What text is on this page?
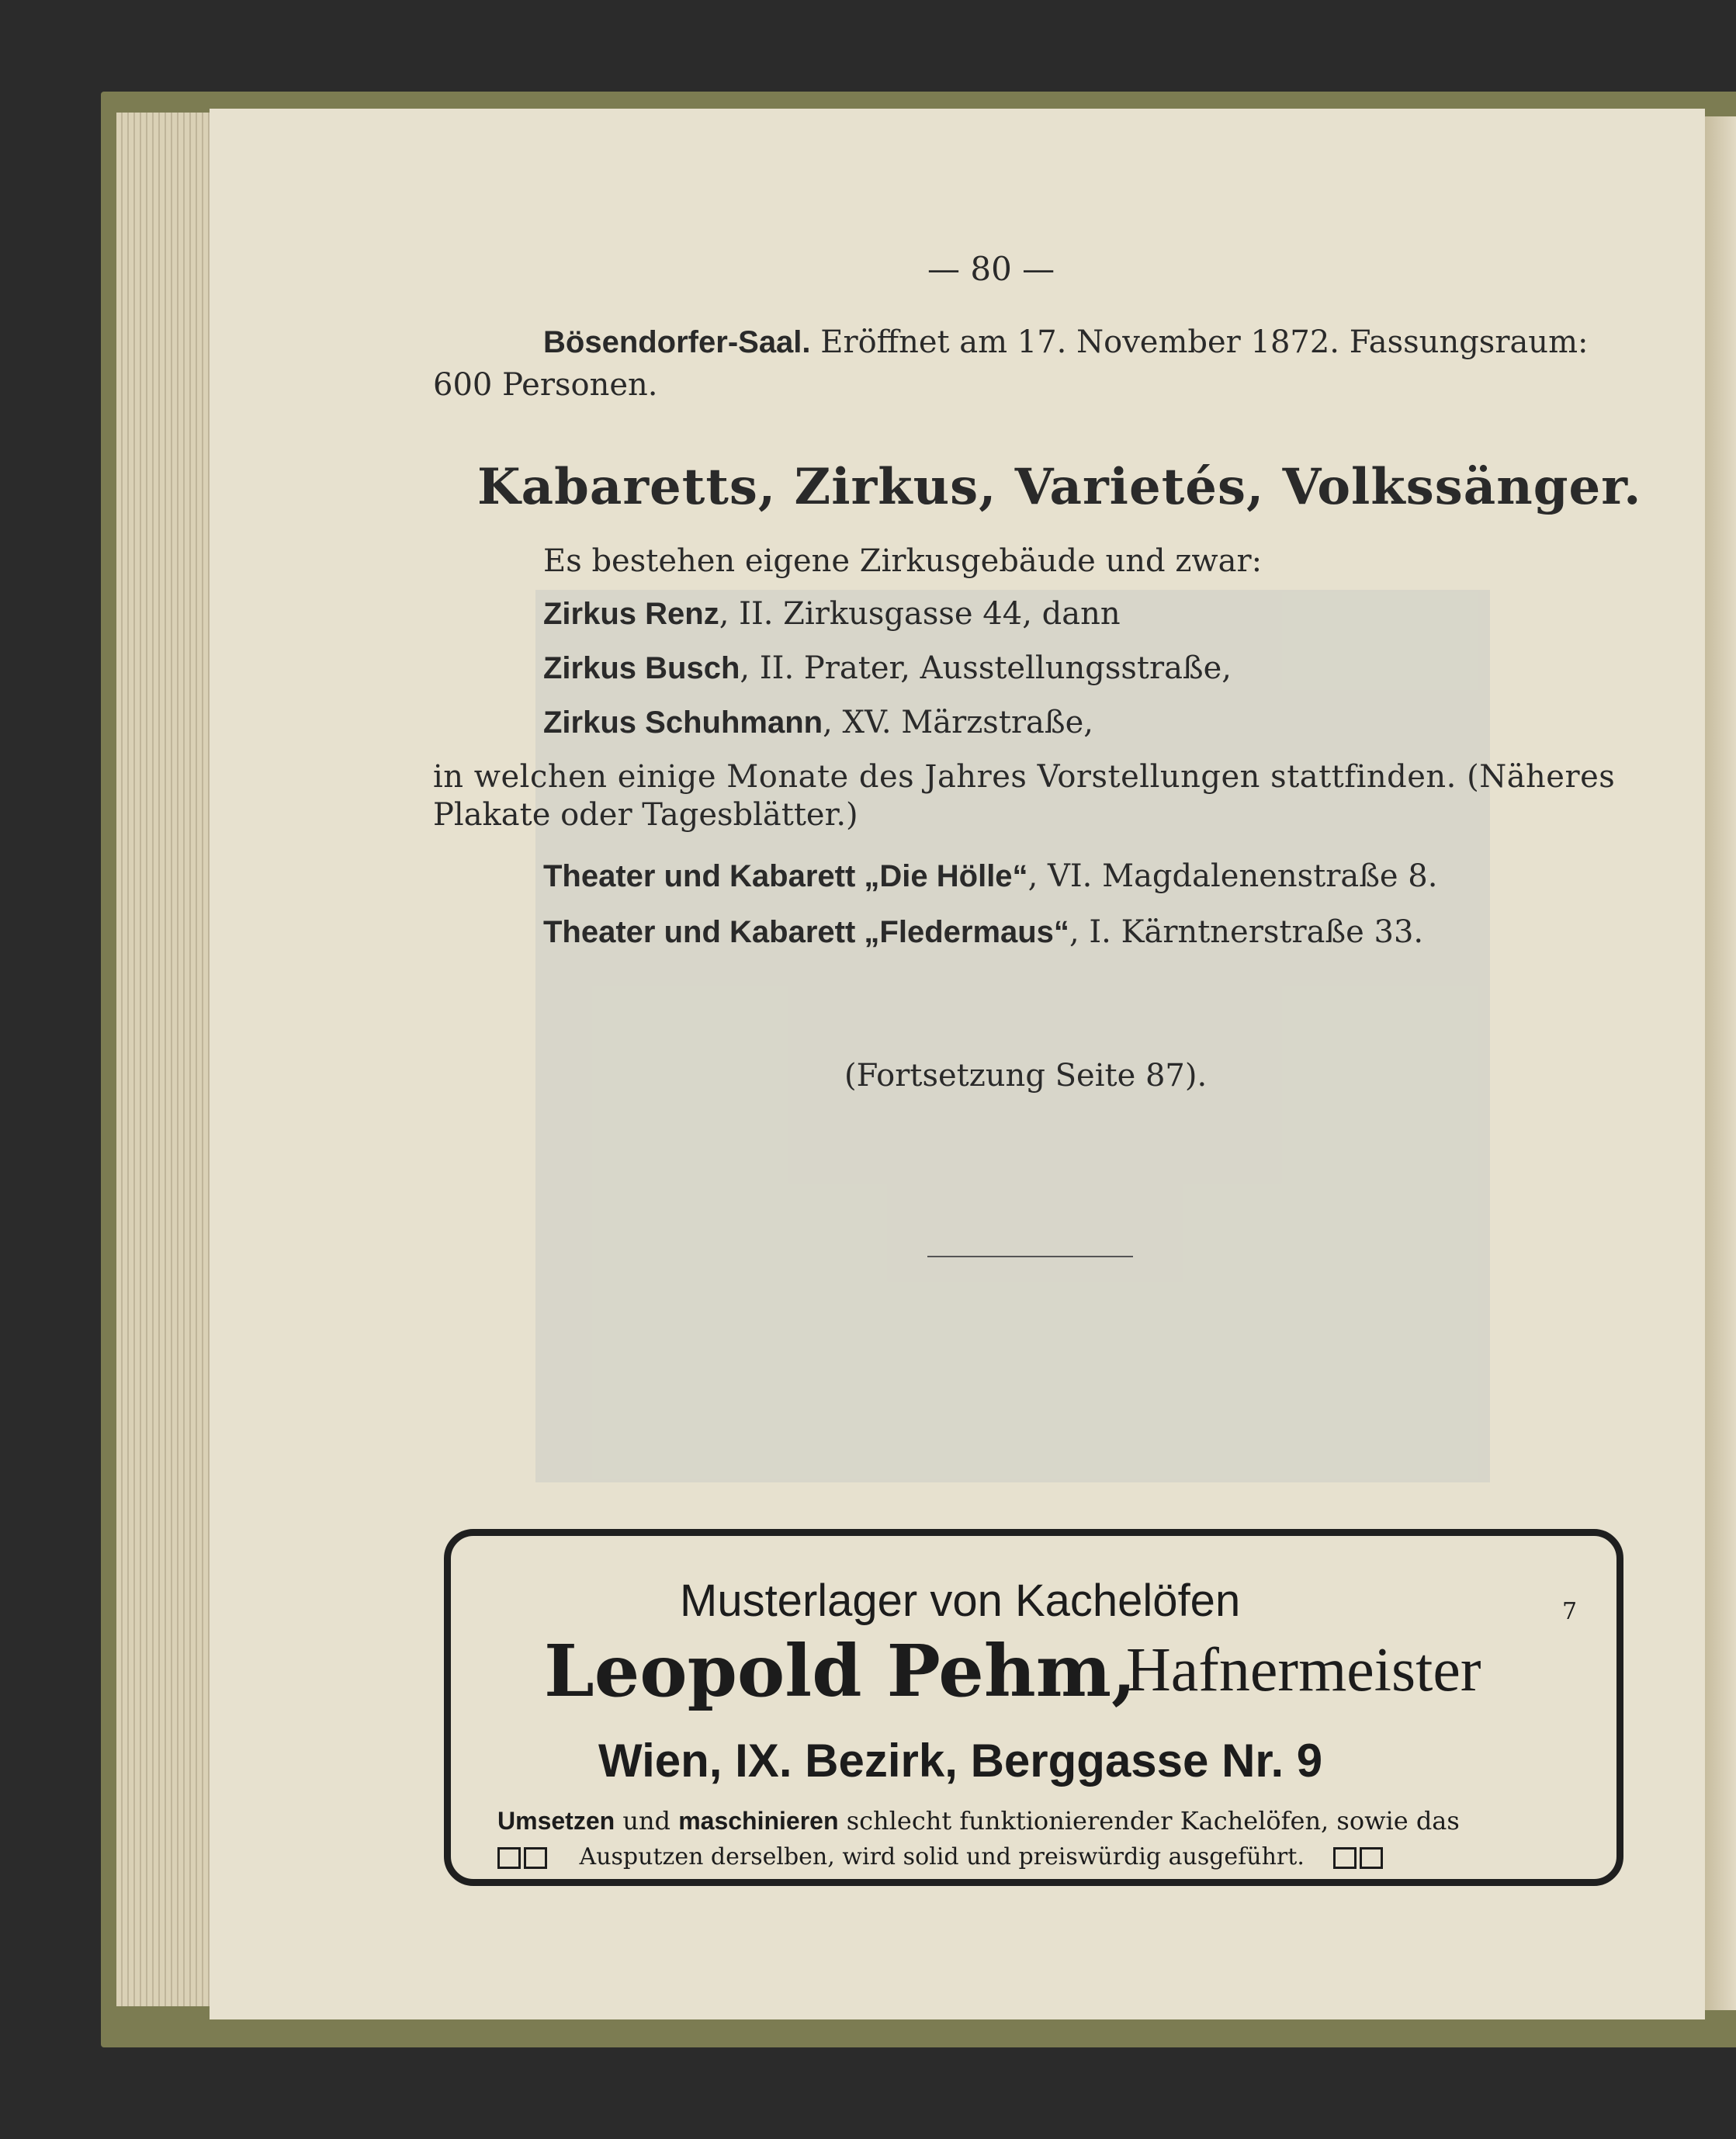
— 80 —
Bösendorfer-Saal. Eröffnet am 17. November 1872. Fassungsraum:
600 Personen.
Kabaretts, Zirkus, Varietés, Volkssänger.
Es bestehen eigene Zirkusgebäude und zwar:
Zirkus Renz, II. Zirkusgasse 44, dann
Zirkus Busch, II. Prater, Ausstellungsstraße,
Zirkus Schuhmann, XV. Märzstraße,
in welchen einige Monate des Jahres Vorstellungen stattfinden. (Näheres
Plakate oder Tagesblätter.)
Theater und Kabarett „Die Hölle“, VI. Magdalenenstraße 8.
Theater und Kabarett „Fledermaus“, I. Kärntnerstraße 33.
(Fortsetzung Seite 87).
Musterlager von Kachelöfen
Leopold Pehm,
Hafnermeister
Wien, IX. Bezirk, Berggasse Nr. 9
Umsetzen und maschinieren schlecht funktionierender Kachelöfen, sowie das
Ausputzen derselben, wird solid und preiswürdig ausgeführt.
7
